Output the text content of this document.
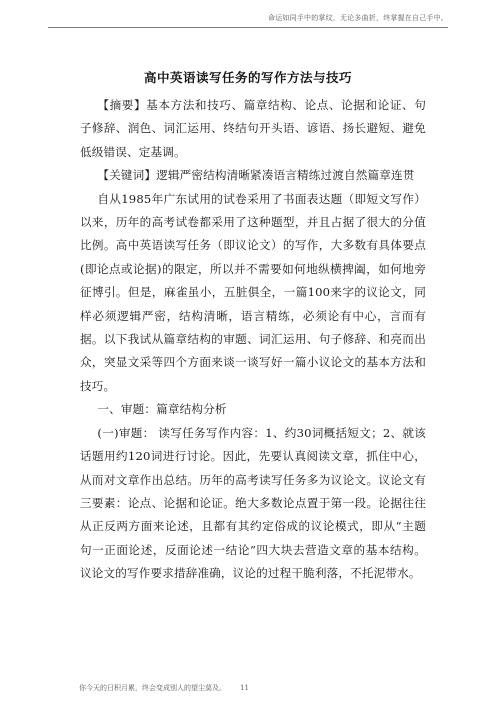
命运如同手中的掌纹，无论多曲折，终掌握在自己手中。
高中英语读写任务的写作方法与技巧

【摘要】基本方法和技巧、篇章结构、论点、论据和论证、句子修辞、润色、词汇运用、终结句开头语、谚语、扬长避短、避免低级错误、定基调。

【关键词】逻辑严密结构清晰紧凑语言精练过渡自然篇章连贯

自从1985年广东试用的试卷采用了书面表达题（即短文写作）以来，历年的高考试卷都采用了这种题型，并且占据了很大的分值比例。高中英语读写任务（即议论文）的写作，大多数有具体要点(即论点或论据)的限定，所以并不需要如何地纵横捭阖，如何地旁征博引。但是，麻雀虽小，五脏俱全，一篇100来字的议论文，同样必须逻辑严密，结构清晰，语言精练，必须论有中心，言而有据。以下我试从篇章结构的审题、词汇运用、句子修辞、和亮而出众，突显文采等四个方面来谈一谈写好一篇小议论文的基本方法和技巧。

一、审题：篇章结构分析

(一)审题： 读写任务写作内容：1、约30词概括短文；2、就该话题用约120词进行讨论。因此，先要认真阅读文章，抓住中心，从而对文章作出总结。历年的高考读写任务多为议论文。议论文有三要素：论点、论据和论证。绝大多数论点置于第一段。论据往往从正反两方面来论述，且都有其约定俗成的议论模式，即从“主题句一正面论述，反面论述一结论”四大块去营造文章的基本结构。议论文的写作要求措辞准确，议论的过程干脆利落，不托泥带水。

你今天的日积月累，终会变成别人的望尘莫及。 11
